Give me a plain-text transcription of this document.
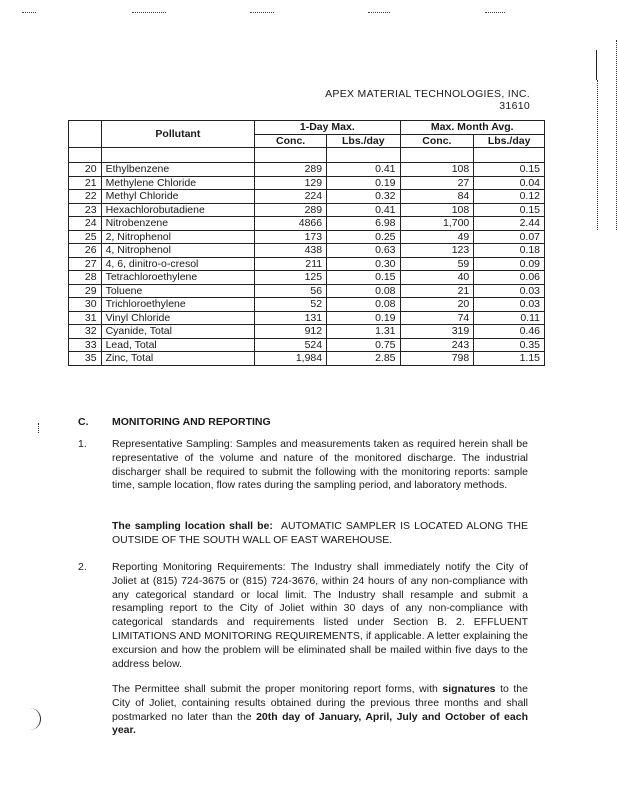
APEX MATERIAL TECHNOLOGIES, INC.
31610
	Pollutant	1-Day Max.		Max. Month Avg.	
		Conc.	Lbs./day	Conc.	Lbs./day

20	Ethylbenzene	289	0.41	108	0.15
21	Methylene Chloride	129	0.19	27	0.04
22	Methyl Chloride	224	0.32	84	0.12
23	Hexachlorobutadiene	289	0.41	108	0.15
24	Nitrobenzene	4866	6.98	1,700	2.44
25	2, Nitrophenol	173	0.25	49	0.07
26	4, Nitrophenol	438	0.63	123	0.18
27	4, 6, dinitro-o-cresol	211	0.30	59	0.09
28	Tetrachloroethylene	125	0.15	40	0.06
29	Toluene	56	0.08	21	0.03
30	Trichloroethylene	52	0.08	20	0.03
31	Vinyl Chloride	131	0.19	74	0.11
32	Cyanide, Total	912	1.31	319	0.46
33	Lead, Total	524	0.75	243	0.35
35	Zinc, Total	1,984	2.85	798	1.15
C. MONITORING AND REPORTING
1. Representative Sampling: Samples and measurements taken as required herein shall be representative of the volume and nature of the monitored discharge. The industrial discharger shall be required to submit the following with the monitoring reports: sample time, sample location, flow rates during the sampling period, and laboratory methods.
The sampling location shall be: AUTOMATIC SAMPLER IS LOCATED ALONG THE OUTSIDE OF THE SOUTH WALL OF EAST WAREHOUSE.
2. Reporting Monitoring Requirements: The Industry shall immediately notify the City of Joliet at (815) 724-3675 or (815) 724-3676, within 24 hours of any non-compliance with any categorical standard or local limit. The Industry shall resample and submit a resampling report to the City of Joliet within 30 days of any non-compliance with categorical standards and requirements listed under Section B. 2. EFFLUENT LIMITATIONS AND MONITORING REQUIREMENTS, if applicable. A letter explaining the excursion and how the problem will be eliminated shall be mailed within five days to the address below.
The Permittee shall submit the proper monitoring report forms, with signatures to the City of Joliet, containing results obtained during the previous three months and shall postmarked no later than the 20th day of January, April, July and October of each year.
